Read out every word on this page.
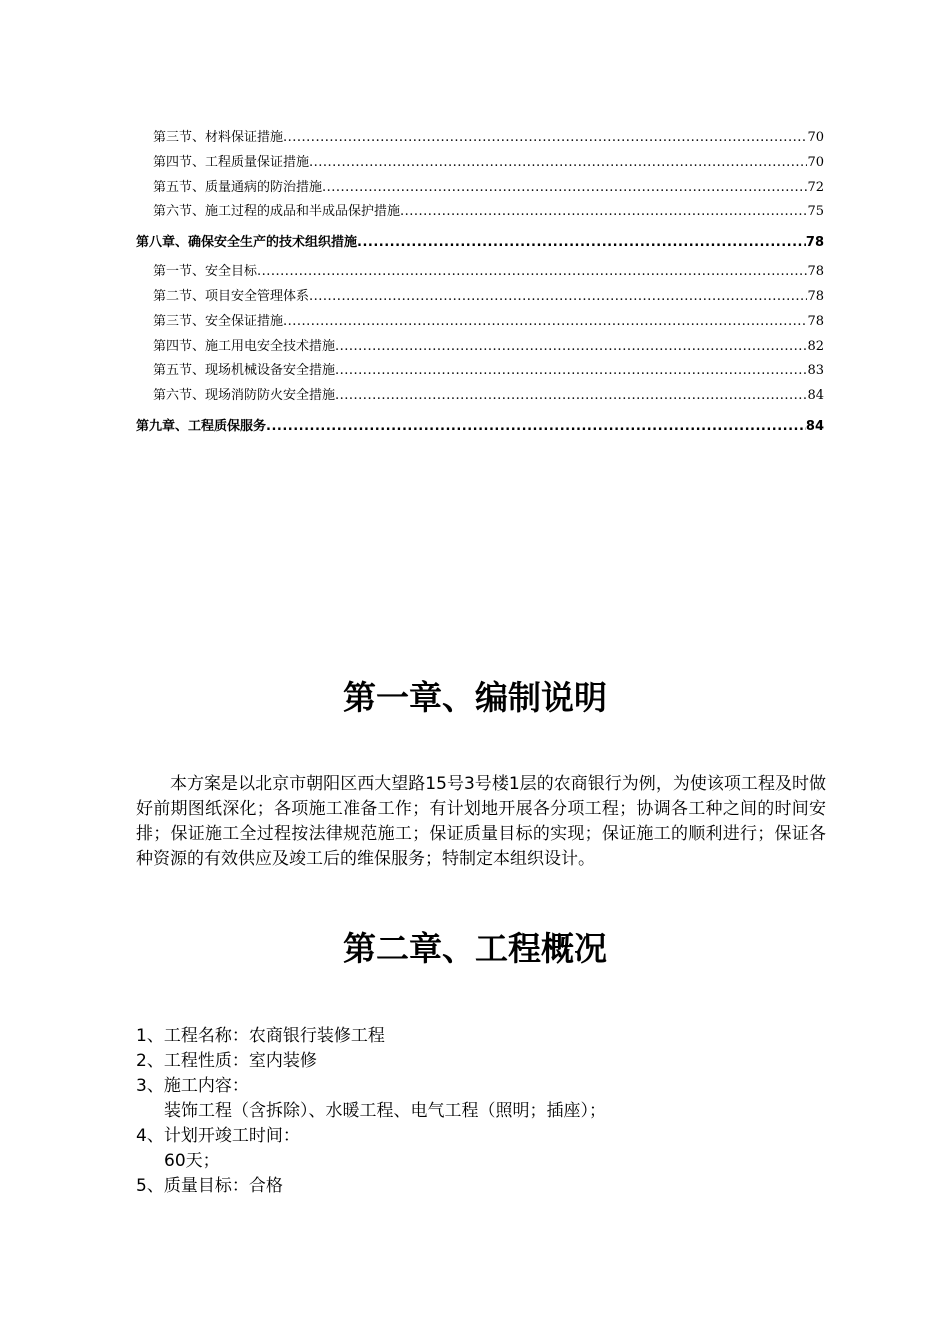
第三节、材料保证措施 .....	70
第四节、工程质量保证措施 .....	70
第五节、质量通病的防治措施 .....	72
第六节、施工过程的成品和半成品保护措施 .....	75
第八章、确保安全生产的技术组织措施 .....	78
第一节、安全目标 .....	78
第二节、项目安全管理体系 .....	78
第三节、安全保证措施 .....	78
第四节、施工用电安全技术措施 .....	82
第五节、现场机械设备安全措施 .....	83
第六节、现场消防防火安全措施 .....	84
第九章、工程质保服务 .....	84
第一章、编制说明
本方案是以北京市朝阳区西大望路15号3号楼1层的农商银行为例，为使该项工程及时做好前期图纸深化；各项施工准备工作；有计划地开展各分项工程；协调各工种之间的时间安排；保证施工全过程按法律规范施工；保证质量目标的实现；保证施工的顺利进行；保证各种资源的有效供应及竣工后的维保服务；特制定本组织设计。
第二章、工程概况
1、工程名称：农商银行装修工程
2、工程性质：室内装修
3、施工内容：
装饰工程（含拆除）、水暖工程、电气工程（照明；插座）；
4、计划开竣工时间：
60天；
5、质量目标：合格
